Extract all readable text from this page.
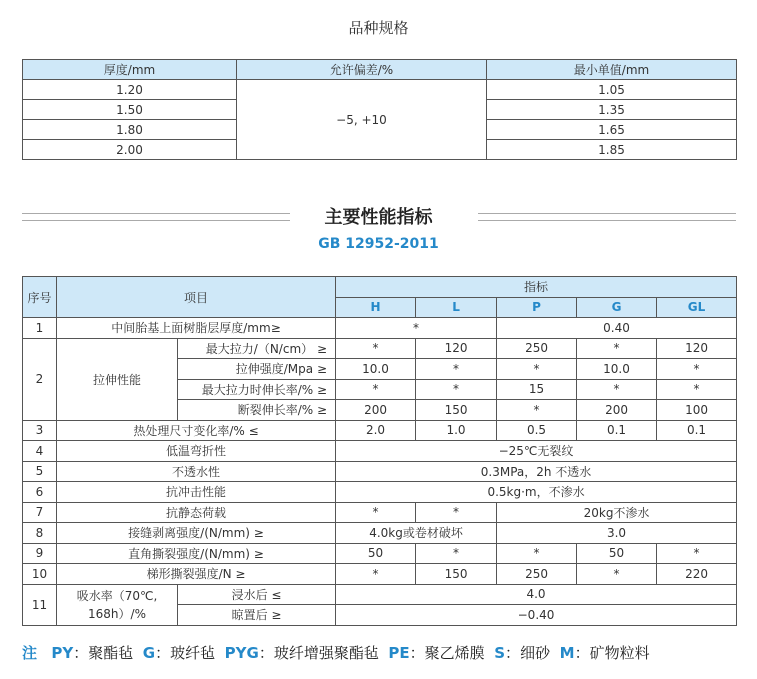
品种规格
厚度/mm	允许偏差/%	最小单值/mm
1.20	−5, +10	1.05
1.50		1.35
1.80		1.65
2.00		1.85
主要性能指标
GB 12952-2011
序号	项目		指标				
			H	L	P	G	GL
1	中间胎基上面树脂层厚度/mm≥		*		0.40		
2	拉伸性能	最大拉力/（N/cm） ≥	*	120	250	*	120
		拉伸强度/Mpa ≥	10.0	*	*	10.0	*
		最大拉力时伸长率/% ≥	*	*	15	*	*
		断裂伸长率/% ≥	200	150	*	200	100
3	热处理尺寸变化率/% ≤		2.0	1.0	0.5	0.1	0.1
4	低温弯折性		−25℃无裂纹				
5	不透水性		0.3MPa，2h 不透水				
6	抗冲击性能		0.5kg·m，不渗水				
7	抗静态荷载		*	*	20kg不渗水		
8	接缝剥离强度/(N/mm) ≥		4.0kg或卷材破坏		3.0		
9	直角撕裂强度/(N/mm) ≥		50	*	*	50	*
10	梯形撕裂强度/N ≥		*	150	250	*	220
11	吸水率（70℃,
168h）/%	浸水后 ≤	4.0				
		晾置后 ≥	−0.40				
注 PY：聚酯毡 G：玻纤毡 PYG：玻纤增强聚酯毡 PE：聚乙烯膜 S：细砂 M：矿物粒料
